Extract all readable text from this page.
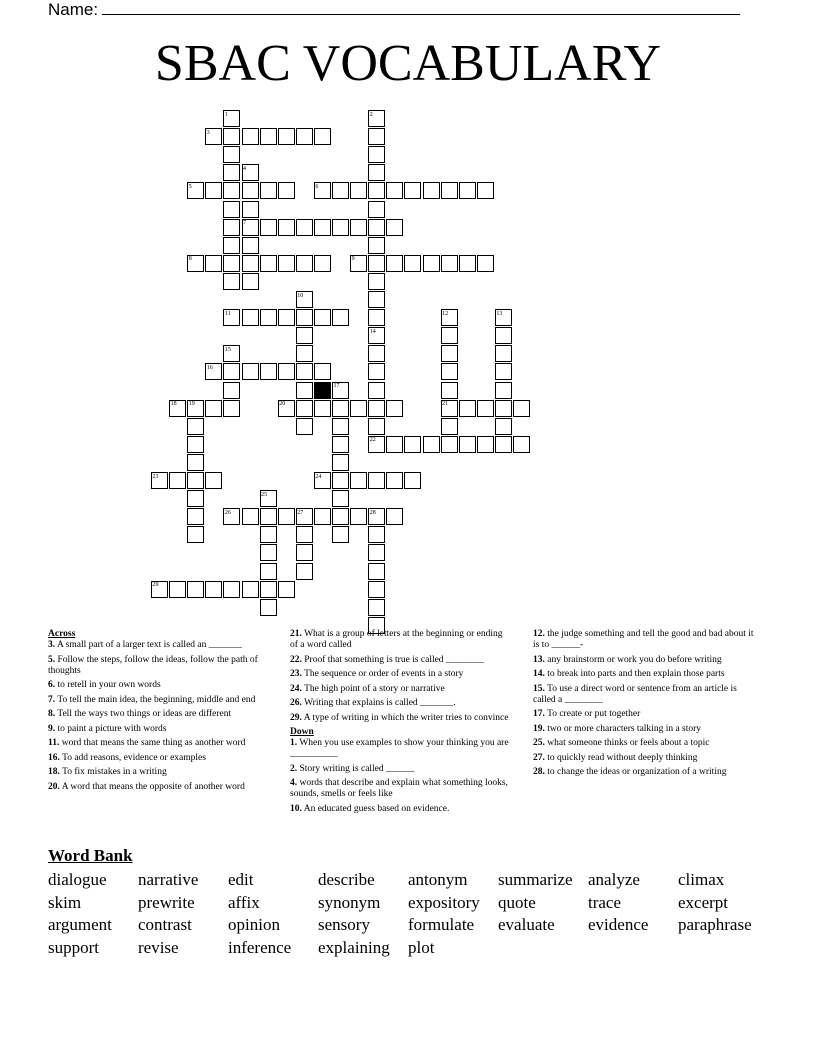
Name:
SBAC VOCABULARY
1	2
3
4
5	6
7
8	9
10
11	12	13
14
15
16
17
18 19	20	21
22
23	24
25
26	27	28
29
Across
3. A small part of a larger text is called an _______
5. Follow the steps, follow the ideas, follow the path of thoughts
6. to retell in your own words
7. To tell the main idea, the beginning, middle and end
8. Tell the ways two things or ideas are different
9. to paint a picture with words
11. word that means the same thing as another word
16. To add reasons, evidence or examples
18. To fix mistakes in a writing
20. A word that means the opposite of another word
21. What is a group of letters at the beginning or ending of a word called
22. Proof that something is true is called ________
23. The sequence or order of events in a story
24. The high point of a story or narrative
26. Writing that explains is called _______.
29. A type of writing in which the writer tries to convince
Down
1. When you use examples to show your thinking you are __________
2. Story writing is called ______
4. words that describe and explain what something looks, sounds, smells or feels like
10. An educated guess based on evidence.
12. the judge something and tell the good and bad about it is to ______-
13. any brainstorm or work you do before writing
14. to break into parts and then explain those parts
15. To use a direct word or sentence from an article is called a ________
17. To create or put together
19. two or more characters talking in a story
25. what someone thinks or feels about a topic
27. to quickly read without deeply thinking
28. to change the ideas or organization of a writing
Word Bank
dialogue narrative edit	describe antonym summarize analyze climax
skim	prewrite affix	synonym expository quote	trace	excerpt
argument contrast opinion sensory formulate evaluate evidence paraphrase
support revise	inference explaining plot
